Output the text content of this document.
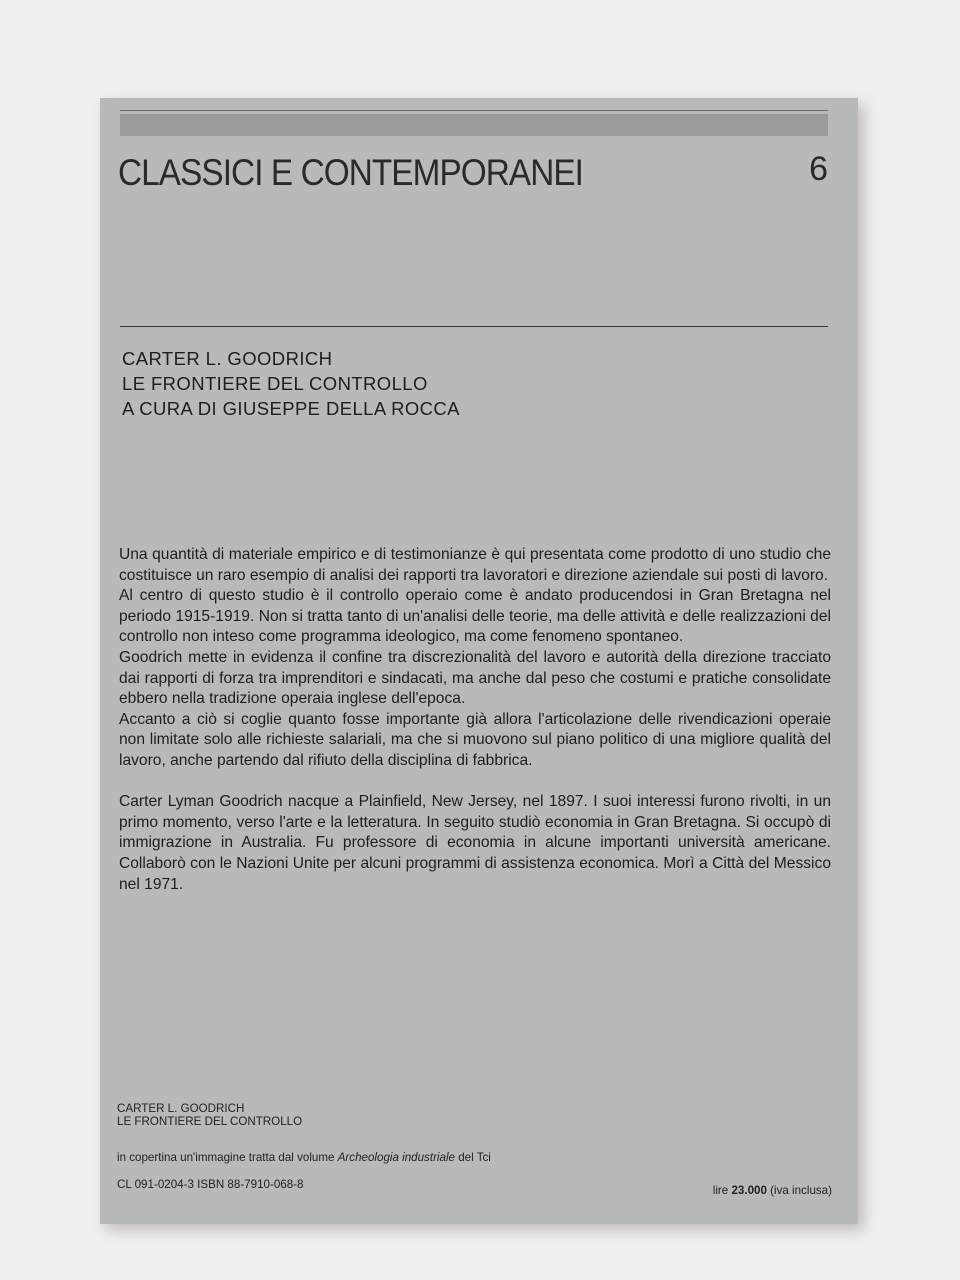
CLASSICI E CONTEMPORANEI	6
CARTER L. GOODRICH
LE FRONTIERE DEL CONTROLLO
A CURA DI GIUSEPPE DELLA ROCCA

Una quantità di materiale empirico e di testimonianze è qui presentata come prodotto di uno studio che costituisce un raro esempio di analisi dei rapporti tra lavoratori e direzione aziendale sui posti di lavoro.

Al centro di questo studio è il controllo operaio come è andato producendosi in Gran Bretagna nel periodo 1915-1919. Non si tratta tanto di un'analisi delle teorie, ma delle attività e delle realizzazioni del controllo non inteso come programma ideologico, ma come fenomeno spontaneo.

Goodrich mette in evidenza il confine tra discrezionalità del lavoro e autorità della direzione tracciato dai rapporti di forza tra imprenditori e sindacati, ma anche dal peso che costumi e pratiche consolidate ebbero nella tradizione operaia inglese dell'epoca.

Accanto a ciò si coglie quanto fosse importante già allora l'articolazione delle rivendicazioni operaie non limitate solo alle richieste salariali, ma che si muovono sul piano politico di una migliore qualità del lavoro, anche partendo dal rifiuto della disciplina di fabbrica.

Carter Lyman Goodrich nacque a Plainfield, New Jersey, nel 1897. I suoi interessi furono rivolti, in un primo momento, verso l'arte e la letteratura. In seguito studiò economia in Gran Bretagna. Si occupò di immigrazione in Australia. Fu professore di economia in alcune importanti università americane. Collaborò con le Nazioni Unite per alcuni programmi di assistenza economica. Morì a Città del Messico nel 1971.

CARTER L. GOODRICH
LE FRONTIERE DEL CONTROLLO
in copertina un'immagine tratta dal volume Archeologia industriale del Tci
CL 091-0204-3 ISBN 88-7910-068-8	lire 23.000 (iva inclusa)
